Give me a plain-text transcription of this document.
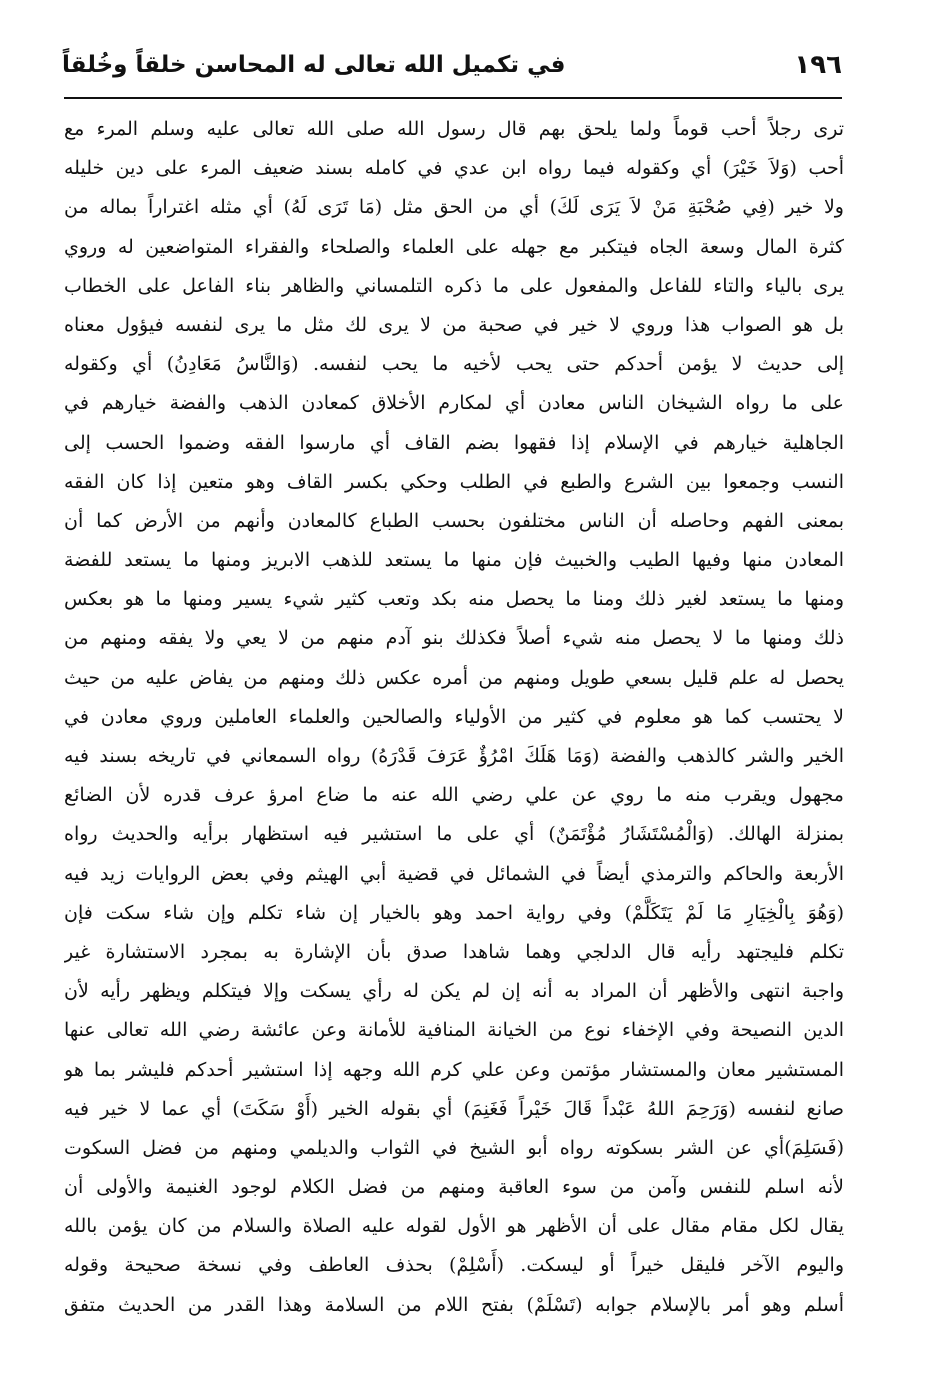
١٩٦
في تكميل الله تعالى له المحاسن خلقاً وخُلقاً
ترى رجلاً أحب قوماً ولما يلحق بهم قال رسول الله صلى الله تعالى عليه وسلم المرء مع
أحب (وَلاَ خَيْرَ) أي وكقوله فيما رواه ابن عدي في كامله بسند ضعيف المرء على دين خليله
ولا خير (فِي صُحْبَةِ مَنْ لاَ يَرَى لَكَ) أي من الحق مثل (مَا تَرَى لَهُ) أي مثله اغتراراً بماله من
كثرة المال وسعة الجاه فيتكبر مع جهله على العلماء والصلحاء والفقراء المتواضعين له وروي
يرى بالياء والتاء للفاعل والمفعول على ما ذكره التلمساني والظاهر بناء الفاعل على الخطاب
بل هو الصواب هذا وروي لا خير في صحبة من لا يرى لك مثل ما يرى لنفسه فيؤول معناه
إلى حديث لا يؤمن أحدكم حتى يحب لأخيه ما يحب لنفسه. (وَالنَّاسُ مَعَادِنُ) أي وكقوله
على ما رواه الشيخان الناس معادن أي لمكارم الأخلاق كمعادن الذهب والفضة خيارهم في
الجاهلية خيارهم في الإسلام إذا فقهوا بضم القاف أي مارسوا الفقه وضموا الحسب إلى
النسب وجمعوا بين الشرع والطبع في الطلب وحكي بكسر القاف وهو متعين إذا كان الفقه
بمعنى الفهم وحاصله أن الناس مختلفون بحسب الطباع كالمعادن وأنهم من الأرض كما أن
المعادن منها وفيها الطيب والخبيث فإن منها ما يستعد للذهب الابريز ومنها ما يستعد للفضة
ومنها ما يستعد لغير ذلك ومنا ما يحصل منه بكد وتعب كثير شيء يسير ومنها ما هو بعكس
ذلك ومنها ما لا يحصل منه شيء أصلاً فكذلك بنو آدم منهم من لا يعي ولا يفقه ومنهم من
يحصل له علم قليل بسعي طويل ومنهم من أمره عكس ذلك ومنهم من يفاض عليه من حيث
لا يحتسب كما هو معلوم في كثير من الأولياء والصالحين والعلماء العاملين وروي معادن في
الخير والشر كالذهب والفضة (وَمَا هَلَكَ امْرُؤٌ عَرَفَ قَدْرَهُ) رواه السمعاني في تاريخه بسند فيه
مجهول ويقرب منه ما روي عن علي رضي الله عنه ما ضاع امرؤ عرف قدره لأن الضائع
بمنزلة الهالك. (وَالْمُسْتَشَارُ مُؤْتَمَنٌ) أي على ما استشير فيه استظهار برأيه والحديث رواه
الأربعة والحاكم والترمذي أيضاً في الشمائل في قضية أبي الهيثم وفي بعض الروايات زيد فيه
(وَهُوَ بِالْخِيَارِ مَا لَمْ يَتَكَلَّمْ) وفي رواية احمد وهو بالخيار إن شاء تكلم وإن شاء سكت فإن
تكلم فليجتهد رأيه قال الدلجي وهما شاهدا صدق بأن الإشارة به بمجرد الاستشارة غير
واجبة انتهى والأظهر أن المراد به أنه إن لم يكن له رأي يسكت وإلا فيتكلم ويظهر رأيه لأن
الدين النصيحة وفي الإخفاء نوع من الخيانة المنافية للأمانة وعن عائشة رضي الله تعالى عنها
المستشير معان والمستشار مؤتمن وعن علي كرم الله وجهه إذا استشير أحدكم فليشر بما هو
صانع لنفسه (وَرَحِمَ اللهُ عَبْداً قَالَ خَيْراً فَغَنِمَ) أي بقوله الخير (أَوْ سَكَتَ) أي عما لا خير فيه
(فَسَلِمَ)أي عن الشر بسكوته رواه أبو الشيخ في الثواب والديلمي ومنهم من فضل السكوت
لأنه اسلم للنفس وآمن من سوء العاقبة ومنهم من فضل الكلام لوجود الغنيمة والأولى أن
يقال لكل مقام مقال على أن الأظهر هو الأول لقوله عليه الصلاة والسلام من كان يؤمن بالله
واليوم الآخر فليقل خيراً أو ليسكت. (أَسْلِمْ) بحذف العاطف وفي نسخة صحيحة وقوله
أسلم وهو أمر بالإسلام جوابه (تَسْلَمْ) بفتح اللام من السلامة وهذا القدر من الحديث متفق
